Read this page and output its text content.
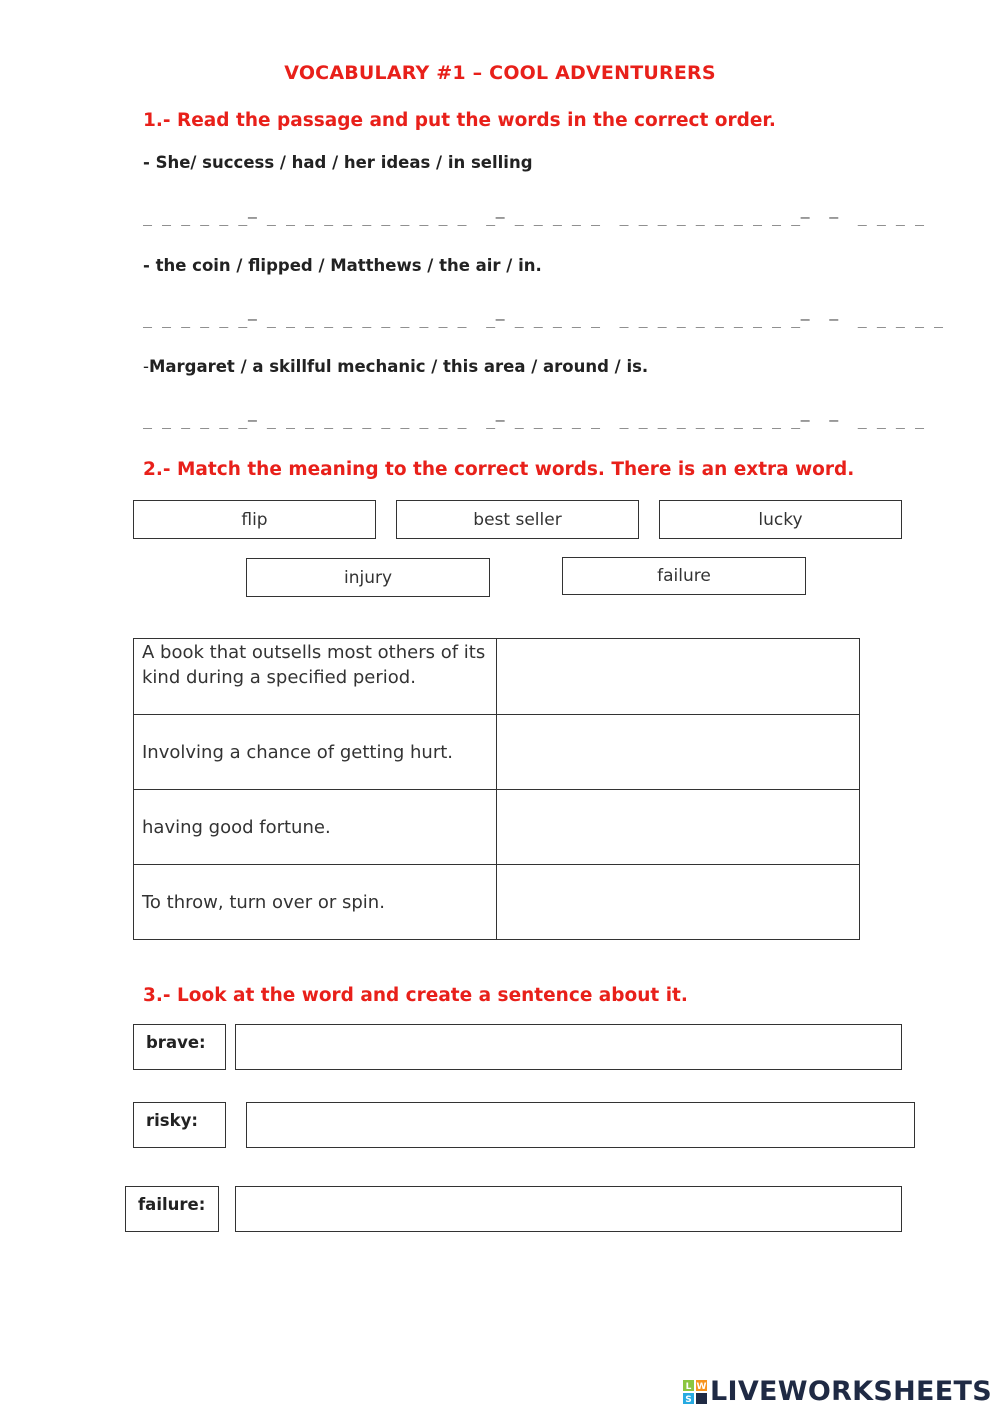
VOCABULARY #1 – COOL ADVENTURERS
1.- Read the passage and put the words in the correct order.
- She/ success / had / her ideas / in selling
_ _ _ _ _ _— _ _ _ _ _ _ _ _ _ _ _  _— _ _ _ _ _  _ _ _ _ _ _ _ _ _ _—  —  _ _ _ _
- the coin / flipped / Matthews / the air / in.
_ _ _ _ _ _— _ _ _ _ _ _ _ _ _ _ _  _— _ _ _ _ _  _ _ _ _ _ _ _ _ _ _—  —  _ _ _ _ _
-Margaret / a skillful mechanic / this area / around / is.
_ _ _ _ _ _— _ _ _ _ _ _ _ _ _ _ _  _— _ _ _ _ _  _ _ _ _ _ _ _ _ _ _—  —  _ _ _ _
2.- Match the meaning to the correct words. There is an extra word.
flip	best seller	lucky
injury	failure
A book that outsells most others of its kind during a specified period.	
Involving a chance of getting hurt.	
having good fortune.	
To throw, turn over or spin.	
3.- Look at the word and create a sentence about it.
brave:
risky:
failure:
L W
S LIVEWORKSHEETS
